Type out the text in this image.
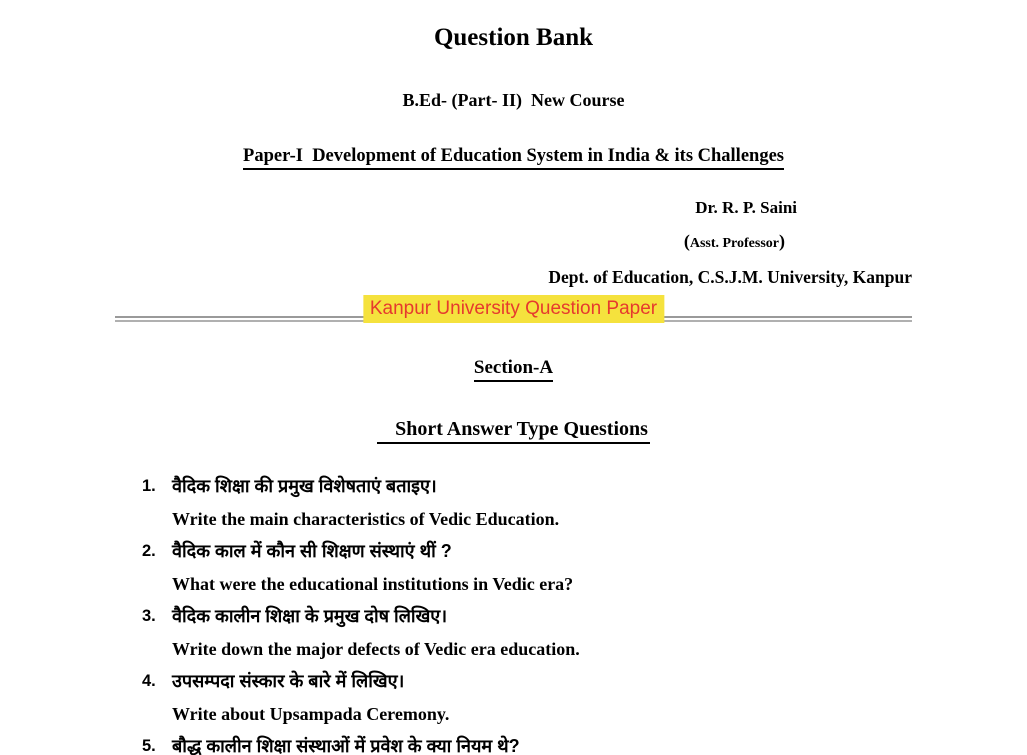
Question Bank
B.Ed- (Part- II)  New Course
Paper-I  Development of Education System in India & its Challenges
Dr. R. P. Saini
(Asst. Professor)
Dept. of Education, C.S.J.M. University, Kanpur
Kanpur University Question Paper
Section-A
Short Answer Type Questions
1. वैदिक शिक्षा की प्रमुख विशेषताएं बताइए।
Write the main characteristics of Vedic Education.
2. वैदिक काल में कौन सी शिक्षण संस्थाएं थीं ?
What were the educational institutions in Vedic era?
3. वैदिक कालीन शिक्षा के प्रमुख दोष लिखिए।
Write down the major defects of Vedic era education.
4. उपसम्पदा संस्कार के बारे में लिखिए।
Write about Upsampada Ceremony.
5. बौद्ध कालीन शिक्षा संस्थाओं में प्रवेश के क्या नियम थे?
